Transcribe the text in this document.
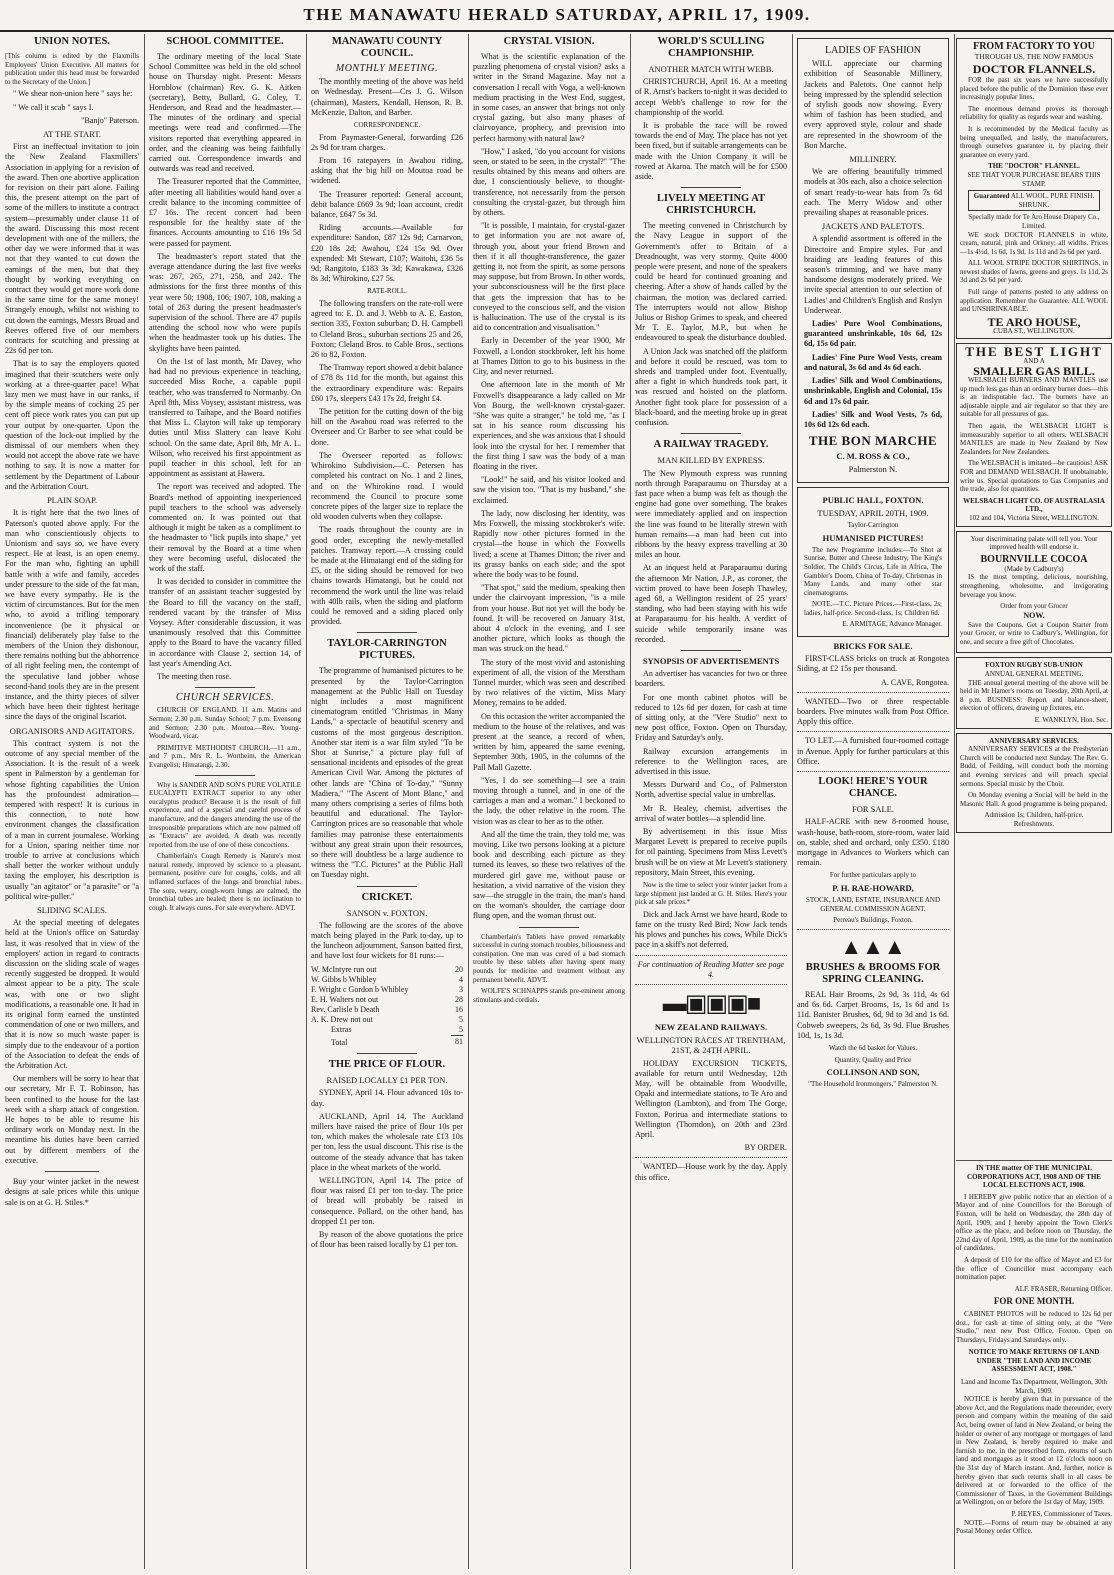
THE MANAWATU HERALD SATURDAY, APRIL 17, 1909.
UNION NOTES.

[This column is edited by the Flaxmills Employees' Union Executive. All matters for publication under this head must be forwarded to the Secretary of the Union.]

" We shear non-union here " says he:

" We call it scab " says I.

"Banjo" Paterson.

AT THE START.

First an ineffectual invitation to join the New Zealand Flaxmillers' Association in applying for a revision of the award. Then one abortive application for revision on their part alone. Failing this, the present attempt on the part of some of the millers to institute a contract system—presumably under clause 11 of the award. Discussing this most recent development with one of the millers, the other day we were informed that it was not that they wanted to cut down the earnings of the men, but that they thought by working everything on contract they would get more work done in the same time for the same money! Strangely enough, whilst not wishing to cut down the earnings, Messrs Broad and Reeves offered five of our members contracts for scutching and pressing at 22s 6d per ton.

That is to say the employers quoted imagined that their scutchers were only working at a three-quarter pace! What lazy men we must have in our ranks, if by the simple means of cocking 25 per cent off piece work rates you can put up your output by one-quarter. Upon the question of the lock-out implied by the dismissal of our members when they would not accept the above rate we have nothing to say. It is now a matter for settlement by the Department of Labour and the Arbitration Court.

PLAIN SOAP.

It is right here that the two lines of Paterson's quoted above apply. For the man who conscientiously objects to Unionism and says so, we have every respect. He at least, is an open enemy. For the man who, fighting an uphill battle with a wife and family, accedes under pressure to the side of the fat man, we have every sympathy. He is the victim of circumstances. But for the men who, to avoid a trifling temporary inconvenience (be it physical or financial) deliberately play false to the members of the Union they dishonour, there remains nothing but the abhorrence of all right feeling men, the contempt of the speculative land jobber whose second-hand tools they are in the present instance, and the thirty pieces of silver which have been their tightest heritage since the days of the original Iscariot.

ORGANISORS AND AGITATORS.

This contract system is not the outcome of any special member of the Association. It is the result of a week spent in Palmerston by a gentleman for whose fighting capabilities the Union has the profoundest admiration—tempered with respect! It is curious in this connection, to note how environment changes the classification of a man in current journalese. Working for a Union, sparing neither time nor trouble to arrive at conclusions which shall better the worker without unduly taxing the employer, his description is usually "an agitator" or "a parasite" or "a political wire-puller."

SLIDING SCALES.

At the special meeting of delegates held at the Union's office on Saturday last, it was resolved that in view of the employers' action in regard to contracts discussion on the sliding scale of wages recently suggested be dropped. It would almost appear to be a pity. The scale was, with one or two slight modifications, a reasonable one. It had in its original form earned the unstinted commendation of one or two millers, and that it is now so much waste paper is simply due to the endeavour of a portion of the Association to defeat the ends of the Arbitration Act.

Our members will be sorry to hear that our secretary, Mr F. T. Robinson, has been confined to the house for the last week with a sharp attack of congestion. He hopes to be able to resume his ordinary work on Monday next. In the meantime his duties have been carried out by different members of the executive.

Buy your winter jacket in the newest designs at sale prices while this unique sale is on at G. H. Stiles.*

SCHOOL COMMITTEE.

The ordinary meeting of the local State School Committee was held in the old school house on Thursday night. Present: Messrs Hornblow (chairman) Rev. G. K. Aitken (secretary), Betty, Bullard, G. Coley, T. Henderson, and Read and the headmaster.—The minutes of the ordinary and special meetings were read and confirmed.—The visitors reported that everything appeared in order, and the cleaning was being faithfully carried out. Correspondence inwards and outwards was read and received.

The Treasurer reported that the Committee, after meeting all liabilities would hand over a credit balance to the incoming committee of £7 16s. The recent concert had been responsible for the healthy state of the finances. Accounts amounting to £16 19s 5d were passed for payment.

The headmaster's report stated that the average attendance during the last five weeks was: 267, 265, 271, 258, and 242. The admissions for the first three months of this year were 50; 1908, 106; 1907, 108, making a total of 263 during the present headmaster's supervision of the school. There are 47 pupils attending the school now who were pupils when the headmaster took up his duties. The skylights have been painted.

On the 1st of last month, Mr Davey, who had had no previous experience in teaching, succeeded Miss Roche, a capable pupil teacher, who was transferred to Normanby. On April 8th, Miss Voysey, assistant mistress, was transferred to Taihape, and the Board notifies that Miss L. Clayton will take up temporary duties until Miss Slattery can leave Kohi school. On the same date, April 8th, Mr A. L. Wilson, who received his first appointment as pupil teacher in this school, left for an appointment as assistant at Hawera.

The report was received and adopted. The Board's method of appointing inexperienced pupil teachers to the school was adversely commented on. It was pointed out that although it might be taken as a compliment to the headmaster to "lick pupils into shape," yet their removal by the Board at a time when they were becoming useful, dislocated the work of the staff.

It was decided to consider in committee the transfer of an assistant teacher suggested by the Board to fill the vacancy on the staff, rendered vacant by the transfer of Miss Voysey. After considerable discussion, it was unanimously resolved that this Committee apply to the Board to have the vacancy filled in accordance with Clause 2, section 14, of last year's Amending Act.

The meeting then rose.

CHURCH SERVICES.

CHURCH OF ENGLAND. 11 a.m. Matins and Sermon; 2.30 p.m. Sunday School; 7 p.m. Evensong and Sermon; 2.30 p.m. Moutoa.—Rev. Young-Woodward, vicar.

PRIMITIVE METHODIST CHURCH.—11 a.m., and 7 p.m., Mrs R. L. Wortheim, the American Evangelist; Himatangi, 2.30.

Why is SANDER AND SON'S PURE VOLATILE EUCALYPTI EXTRACT superior to any other eucalyptus product? Because it is the result of full experience, and of a special and careful process of manufacture, and the dangers attending the use of the irresponsible preparations which are now palmed off as "Extracts" are avoided. A death was recently reported from the use of one of these concoctions.

Chamberlain's Cough Remedy is Nature's most natural remedy, improved by science to a pleasant, permanent, positive cure for coughs, colds, and all inflamed surfaces of the lungs and bronchial tubes. The sore, weary, cough-worn lungs are calmed, the bronchial tubes are healed; there is no inclination to cough. It always cures. For sale everywhere. ADVT.

MANAWATU COUNTY COUNCIL.
MONTHLY MEETING.

The monthly meeting of the above was held on Wednesday. Present—Crs J. G. Wilson (chairman), Masters, Kendall, Henson, R. B. McKenzie, Dalton, and Barber.

CORRESPONDENCE.

From Paymaster-General, forwarding £26 2s 9d for tram charges.

From 16 ratepayers in Awahou riding, asking that the big hill on Moutoa road be widened.

The Treasurer reported: General account, debit balance £669 3s 9d; loan account, credit balance, £647 5s 3d.

Riding accounts.—Available for expenditure: Sandon, £87 12s 9d; Carnarvon, £20 18s 2d; Awahou, £24 15s 9d. Over expended: Mt Stewart, £107; Waitohi, £36 5s 9d; Rangitoto, £183 3s 3d; Kawakawa, £326 8s 3d; Whirokino, £27 5s.

RATE-ROLL.

The following transfers on the rate-roll were agreed to: E. D. and J. Webb to A. E. Easton, section 335, Foxton suburban; D. H. Campbell to Cleland Bros., suburban sections 25 and 26, Foxton; Cleland Bros. to Cable Bros., sections 26 to 82, Foxton.

The Tramway report showed a debit balance of £78 8s 11d for the month, but against this the extraordinary expenditure was: Repairs £60 17s, sleepers £43 17s 2d, freight £4.

The petition for the cutting down of the big hill on the Awahou road was referred to the Overseer and Cr Barber to see what could be done.

The Overseer reported as follows: Whirokino Subdivision.—C. Petersen has completed his contract on No. 1 and 2 lines, and on the Whirokino road. I would recommend the Council to procure some concrete pipes of the larger size to replace the old wooden culverts when they collapse.

The roads throughout the county are in good order, excepting the newly-metalled patches. Tramway report.—A crossing could be made at the Himatangi end of the siding for £5, or the siding should be removed for two chains towards Himatangi, but he could not recommend the work until the line was relaid with 40lb rails, when the siding and platform could be removed and a siding placed only provided.

TAYLOR-CARRINGTON PICTURES.

The programme of humanised pictures to be presented by the Taylor-Carrington management at the Public Hall on Tuesday night includes a most magnificent cinematogram entitled "Christmas in Many Lands," a spectacle of beautiful scenery and customs of the most gorgeous description. Another star item is a war film styled "To be Shot at Sunrise," a picture play full of sensational incidents and episodes of the great American Civil War. Among the pictures of other lands are "China of To-day," "Sunny Madiera," "The Ascent of Mont Blanc," and many others comprising a series of films both beautiful and educational. The Taylor-Carrington prices are so reasonable that whole families may patronise these entertainments without any great strain upon their resources, so there will doubtless be a large audience to witness the "T.C. Pictures" at the Public Hall on Tuesday night.

CRICKET.
SANSON v. FOXTON.

The following are the scores of the above match being played in the Park to-day, up to the luncheon adjournment, Sanson batted first, and have lost four wickets for 81 runs:—

W. McIntyre run out	20
W. Gibbs b Whibley	4
F. Wright c Gordon b Whibley	3
E. H. Walters not out	28
Rev. Carlisle b Death	16
A. K. Drew not out	5
Extras	5
Total	81
THE PRICE OF FLOUR.
RAISED LOCALLY £1 PER TON.

SYDNEY, April 14. Flour advanced 10s to-day.

AUCKLAND, April 14. The Auckland millers have raised the price of flour 10s per ton, which makes the wholesale rate £13 10s per ton, less the usual discount. This rise is the outcome of the steady advance that has taken place in the wheat markets of the world.

WELLINGTON, April 14. The price of flour was raised £1 per ton to-day. The price of bread will probably be raised in consequence. Pollard, on the other hand, has dropped £1 per ton.

By reason of the above quotations the price of flour has been raised locally by £1 per ton.

CRYSTAL VISION.

What is the scientific explanation of the puzzling phenomena of crystal vision? asks a writer in the Strand Magazine. May not a conversation I recall with Voga, a well-known medium practising in the West End, suggest, in some cases, an answer that brings not only crystal gazing, but also many phases of clairvoyance, prophecy, and prevision into perfect harmony with natural law?

"How," I asked, "do you account for visions seen, or stated to be seen, in the crystal?" "The results obtained by this means and others are due, I conscientiously believe, to thought-transference, not necessarily from the person consulting the crystal-gazer, but through him by others.

"It is possible, I maintain, for crystal-gazer to get information you are not aware of, through you, about your friend Brown and then if it all thought-transference, the gazer getting it, not from the spirit, as some persons may suppose, but from Brown. In other words, your subconsciousness will be the first place that gets the impression that has to be conveyed to the conscious self, and the vision is hallucination. The use of the crystal is its aid to concentration and visualisation."

Early in December of the year 1900, Mr Foxwell, a London stockbroker, left his home at Thames Ditton to go to his business in the City, and never returned.

One afternoon late in the month of Mr Foxwell's disappearance a lady called on Mr Von Bourg, the well-known crystal-gazer. "She was quite a stranger," he told me, "as I sat in his seance room discussing his experiences, and she was anxious that I should look into the crystal for her. I remember that the first thing I saw was the body of a man floating in the river.

"Look!" he said, and his visitor looked and saw the vision too. "That is my husband," she exclaimed.

The lady, now disclosing her identity, was Mrs Foxwell, the missing stockbroker's wife. Rapidly now other pictures formed in the crystal—the house in which the Foxwells lived; a scene at Thames Ditton; the river and its grassy banks on each side; and the spot where the body was to be found.

"That spot," said the medium, speaking then under the clairvoyant impression, "is a mile from your house. But not yet will the body be found. It will be recovered on January 31st, about 4 o'clock in the evening, and I see another picture, which looks as though the man was struck on the head."

The story of the most vivid and astonishing experiment of all, the vision of the Merstham Tunnel murder, which was seen and described by two relatives of the victim, Miss Mary Money, remains to be added.

On this occasion the writer accompanied the medium to the house of the relatives, and was present at the seance, a record of when, written by him, appeared the same evening, September 30th, 1905, in the columns of the Pall Mall Gazette.

"Yes, I do see something—I see a train moving through a tunnel, and in one of the carriages a man and a woman." I beckoned to the lady, the other relative in the room. The vision was as clear to her as to the other.

And all the time the train, they told me, was moving. Like two persons looking at a picture book and describing each picture as they turned its leaves, so these two relatives of the murdered girl gave me, without pause or hesitation, a vivid narrative of the vision they saw—the struggle in the train, the man's hand on the woman's shoulder, the carriage door flung open, and the woman thrust out.

Chamberlain's Tablets have proved remarkably successful in curing stomach troubles, biliousness and constipation. One man was cured of a bad stomach trouble by these tablets after having spent many pounds for medicine and treatment without any permanent benefit. ADVT.

WOLFE'S SCHNAPPS stands pre-eminent among stimulants and cordials.

WORLD'S SCULLING CHAMPIONSHIP.
ANOTHER MATCH WITH WEBB.

CHRISTCHURCH, April 16. At a meeting of R. Arnst's backers to-night it was decided to accept Webb's challenge to row for the championship of the world.

It is probable the race will be rowed towards the end of May. The place has not yet been fixed, but if suitable arrangements can be made with the Union Company it will be rowed at Akaroa. The match will be for £500 aside.

LIVELY MEETING AT CHRISTCHURCH.

The meeting convened in Christchurch by the Navy League in support of the Government's offer to Britain of a Dreadnought, was very stormy. Quite 4000 people were present, and none of the speakers could be heard for continued groaning and cheering. After a show of hands called by the chairman, the motion was declared carried. The interrupters would not allow Bishop Julius or Bishop Grimes to speak, and cheered Mr T. E. Taylor, M.P., but when he endeavoured to speak the disturbance doubled.

A Union Jack was snatched off the platform and before it could be rescued, was torn to shreds and trampled under foot. Eventually, after a fight in which hundreds took part, it was rescued and hoisted on the platform. Another fight took place for possession of a black-board, and the meeting broke up in great confusion.

A RAILWAY TRAGEDY.
MAN KILLED BY EXPRESS.

The New Plymouth express was running north through Paraparaumu on Thursday at a fast pace when a bump was felt as though the engine had gone over something. The brakes were immediately applied and on inspection the line was found to be literally strewn with human remains—a man had been cut into ribbons by the heavy express travelling at 30 miles an hour.

At an inquest held at Paraparaumu during the afternoon Mr Nation, J.P., as coroner, the victim proved to have been Joseph Thawley, aged 68, a Wellington resident of 25 years' standing, who had been staying with his wife at Paraparaumu for his health. A verdict of suicide while temporarily insane was recorded.

SYNOPSIS OF ADVERTISEMENTS

An advertiser has vacancies for two or three boarders.

For one month cabinet photos will be reduced to 12s 6d per dozen, for cash at time of sitting only, at the "Vere Studio" next to new post office, Foxton. Open on Thursday, Friday and Saturday's only.

Railway excursion arrangements in reference to the Wellington races, are advertised in this issue.

Messrs Durward and Co., of Palmerston North, advertise special value in umbrellas.

Mr R. Healey, chemist, advertises the arrival of water bottles—a splendid line.

By advertisement in this issue Miss Margaret Levett is prepared to receive pupils for oil painting. Specimens from Miss Levett's brush will be on view at Mr Levett's stationery repository, Main Street, this evening.

Now is the time to select your winter jacket from a large shipment just landed at G. H. Stiles. Here's your pick at sale prices.*

Dick and Jack Arnst we have heard, Rode to fame on the trusty Red Bird; Now Jack tends his plows and punches his cows, While Dick's pace in a skiff's not deferred.

For continuation of Reading Matter see page 4.

▬▣▣▣■
NEW ZEALAND RAILWAYS.
WELLINGTON RACES AT TRENTHAM, 21ST, & 24TH APRIL.

HOLIDAY EXCURSION TICKETS, available for return until Wednesday, 12th May, will be obtainable from Woodville, Opaki and intermediate stations, to Te Aro and Wellington (Lambton), and from The Gorge, Foxton, Porirua and intermediate stations to Wellington (Thorndon), on 20th and 23rd April.

BY ORDER.

WANTED—House work by the day. Apply this office.

LADIES OF FASHION

WILL appreciate our charming exhibition of Seasonable Millinery, Jackets and Paletots. One cannot help being impressed by the splendid selection of stylish goods now showing. Every whim of fashion has been studied, and every approved style, colour and shade are represented in the showroom of the Bon Marche.

MILLINERY.

We are offering beautifully trimmed models at 30s each, also a choice selection of smart ready-to-wear hats from 7s 6d each. The Merry Widow and other prevailing shapes at reasonable prices.

JACKETS AND PALETOTS.

A splendid assortment is offered in the Directoire and Empire styles. Fur and braiding are leading features of this season's trimming, and we have many handsome designs moderately priced. We invite special attention to our selection of Ladies' and Children's English and Roslyn Underwear.

Ladies' Pure Wool Combinations, guaranteed unshrinkable, 10s 6d, 12s 6d, 15s 6d pair.

Ladies' Fine Pure Wool Vests, cream and natural, 3s 6d and 4s 6d each.

Ladies' Silk and Wool Combinations, unshrinkable, English and Colonial, 15s 6d and 17s 6d pair.

Ladies' Silk and Wool Vests, 7s 6d, 10s 6d 12s 6d each.

THE BON MARCHE
C. M. ROSS & CO.,
Palmerston N.
PUBLIC HALL, FOXTON.
TUESDAY, APRIL 20TH, 1909.
Taylor-Carrington
HUMANISED PICTURES!

The new Programme includes:—To Shot at Sunrise, Butter and Cheese Industry, The King's Soldier, The Child's Circus, Life in Africa, The Gambler's Doom, China of To-day, Christmas in Many Lands, and many other star cinematograms.

NOTE.—T.C. Picture Prices.—First-class, 2s; ladies, half-price. Second-class, 1s; Children 6d.

E. ARMITAGE, Advance Manager.

BRICKS FOR SALE.

FIRST-CLASS bricks on truck at Rongotea Siding, at £2 15s per thousand.

A. CAVE, Rongotea.

WANTED—Two or three respectable boarders. Five minutes walk from Post Office. Apply this office.

TO LET.—A furnished four-roomed cottage in Avenue. Apply for further particulars at this Office.

LOOK! HERE'S YOUR CHANCE.
FOR SALE.

HALF-ACRE with new 8-roomed house, wash-house, bath-room, store-room, water laid on, stable, shed and orchard, only £350. £180 mortgage in Advances to Workers which can remain.

For further particulars apply to
P. H. RAE-HOWARD,
STOCK, LAND, ESTATE, INSURANCE AND GENERAL COMMISSION AGENT.
Perreau's Buildings, Foxton.
▲▲▲
BRUSHES & BROOMS FOR SPRING CLEANING.

REAL Hair Brooms, 2s 9d, 3s 11d, 4s 6d and 6s 6d. Carpet Brooms, 1s, 1s 6d and 1s 11d. Banister Brushes, 6d, 9d to 3d and 1s 6d. Cobweb sweepers, 2s 6d, 3s 9d. Flue Brushes 10d, 1s, 1s 3d.

Watch the 6d basket for Values.
Quantity, Quality and Price
COLLINSON AND SON,
"The Household Ironmongers," Palmerston N.
FROM FACTORY TO YOU
THROUGH US, THE NOW FAMOUS
DOCTOR FLANNELS.

FOR the past six years we have successfully placed before the public of the Dominion these ever increasingly popular lines.

The enormous demand proves its thorough reliability for quality as regards wear and washing.

It is recommended by the Medical faculty as being unequalled, and lastly, the manufacturers, through ourselves guarantee it, by placing their guarantee on every yard.

THE "DOCTOR" FLANNEL.
SEE THAT YOUR PURCHASE BEARS THIS STAMP.
Guaranteed ALL WOOL. PURE FINISH. SHRUNK.
Specially made for Te Aro House Drapery Co., Limited.

WE stock DOCTOR FLANNELS in white, cream, natural, pink and Orkney; all widths. Prices—1s 4½d, 1s 6d, 1s 9d, 1s 11d and 2s 6d per yard.

ALL WOOL STRIPE DOCTOR SHIRTINGS, in newest shades of fawns, greens and greys. 1s 11d, 2s 3d and 2s 6d per yard.

Full range of patterns posted to any address on application. Remember the Guarantee. ALL WOOL and UNSHRINKABLE.

TE ARO HOUSE,
CUBA ST., WELLINGTON.
THE BEST LIGHT
AND A
SMALLER GAS BILL.

WELSBACH BURNERS AND MANTLES use up much less gas than an ordinary burner does—this is an indisputable fact. The burners have an adjustable nipple and air regulator so that they are suitable for all pressures of gas.

Then again, the WELSBACH LIGHT is immeasurably superior to all others. WELSBACH MANTLES are made in New Zealand by New Zealanders for New Zealanders.

The WELSBACH is imitated—be cautious! ASK FOR and DEMAND WELSBACH. If unobtainable, write us. Special quotations to Gas Companies and the trade, also for quantities.

WELSBACH LIGHT CO. OF AUSTRALASIA LTD.,
102 and 104, Victoria Street, WELLINGTON.

Your discriminating palate will tell you. Your improved health will endorse it.

BOURNVILLE COCOA
(Made by Cadbury's)

IS the most tempting, delicious, nourishing, strengthening, wholesome, and invigorating beverage you know.

Order from your Grocer
NOW.

Save the Coupons. Get a Coupon Starter from your Grocer, or write to Cadbury's, Wellington, for one, and secure a free gift of Chocolates.

FOXTON RUGBY SUB-UNION
ANNUAL GENERAL MEETING.

THE annual general meeting of the above will be held in Mr Hamer's rooms on Tuesday, 20th April, at 8 p.m. BUSINESS: Report and balance-sheet, election of officers, drawing up fixtures, etc.

E. WANKLYN, Hon. Sec.
ANNIVERSARY SERVICES.

ANNIVERSARY SERVICES at the Presbyterian Church will be conducted next Sunday. The Rev. G. Budd, of Feilding, will conduct both the morning and evening services and will preach special sermons. Special music by the Choir.

On Monday evening a Social will be held in the Masonic Hall. A good programme is being prepared.

Admission 1s; Children, half-price.
Refreshments.
IN THE matter OF THE MUNICIPAL CORPORATIONS ACT, 1908 AND OF THE LOCAL ELECTIONS ACT, 1908.

I HEREBY give public notice that an election of a Mayor and of nine Councillors for the Borough of Foxton, will be held on Wednesday, the 28th day of April, 1909, and I hereby appoint the Town Clerk's office as the place, and before noon on Thursday, the 22nd day of April, 1909, as the time for the nomination of candidates.

A deposit of £10 for the office of Mayor and £3 for the office of Councillor must accompany each nomination paper.

ALF. FRASER, Returning Officer.
FOR ONE MONTH.

CABINET PHOTOS will be reduced to 12s 6d per doz., for cash at time of sitting only, at the "Vere Studio," next new Post Office, Foxton. Open on Thursdays, Fridays and Saturdays only.

NOTICE TO MAKE RETURNS OF LAND UNDER "THE LAND AND INCOME ASSESSMENT ACT, 1908."
Land and Income Tax Department, Wellington, 30th March, 1909.

NOTICE is hereby given that in pursuance of the above Act, and the Regulations made thereunder, every person and company within the meaning of the said Act, being owner of land in New Zealand, or being the holder or owner of any mortgage or mortgages of land in New Zealand, is hereby required to make and furnish to me, in the prescribed form, returns of such land and mortgages as it stood at 12 o'clock noon on the 31st day of March instant. And, further, notice is hereby given that such returns shall in all cases be delivered at or forwarded to the office of the Commissioner of Taxes, in the Government Buildings at Wellington, on or before the 1st day of May, 1909.

P. HEYES, Commissioner of Taxes.

NOTE.—Forms of return may be obtained at any Postal Money order Office.
